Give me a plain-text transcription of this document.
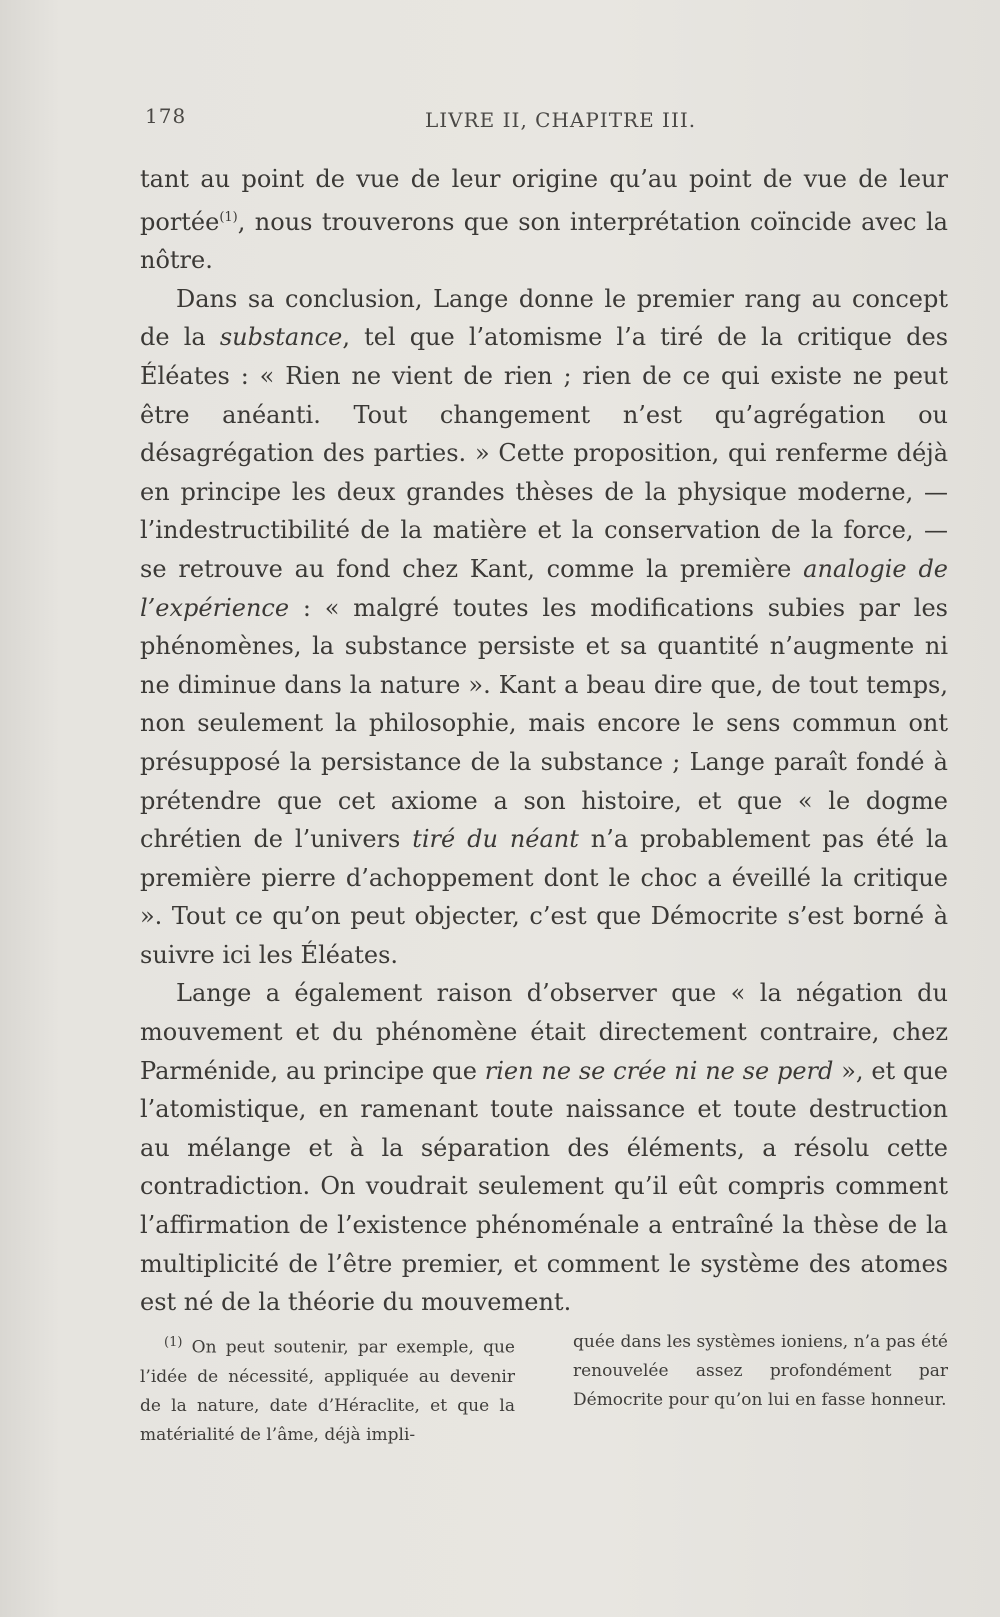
178	LIVRE II, CHAPITRE III.

tant au point de vue de leur origine qu’au point de vue de leur portée$^{(1)}$, nous trouverons que son interprétation coïncide avec la nôtre.

Dans sa conclusion, Lange donne le premier rang au concept de la substance, tel que l’atomisme l’a tiré de la critique des Éléates : « Rien ne vient de rien ; rien de ce qui existe ne peut être anéanti. Tout changement n’est qu’agrégation ou désagrégation des parties. » Cette proposition, qui renferme déjà en principe les deux grandes thèses de la physique moderne, — l’indestructibilité de la matière et la conservation de la force, — se retrouve au fond chez Kant, comme la première analogie de l’expérience : « malgré toutes les modifications subies par les phénomènes, la substance persiste et sa quantité n’augmente ni ne diminue dans la nature ». Kant a beau dire que, de tout temps, non seulement la philosophie, mais encore le sens commun ont présupposé la persistance de la substance ; Lange paraît fondé à prétendre que cet axiome a son histoire, et que « le dogme chrétien de l’univers tiré du néant n’a probablement pas été la première pierre d’achoppement dont le choc a éveillé la critique ». Tout ce qu’on peut objecter, c’est que Démocrite s’est borné à suivre ici les Éléates.

Lange a également raison d’observer que « la négation du mouvement et du phénomène était directement contraire, chez Parménide, au principe que rien ne se crée ni ne se perd », et que l’atomistique, en ramenant toute naissance et toute destruction au mélange et à la séparation des éléments, a résolu cette contradiction. On voudrait seulement qu’il eût compris comment l’affirmation de l’existence phénoménale a entraîné la thèse de la multiplicité de l’être premier, et comment le système des atomes est né de la théorie du mouvement.

$^{(1)}$ On peut soutenir, par exemple, que l’idée de nécessité, appliquée au devenir de la nature, date d’Héraclite, et que la matérialité de l’âme, déjà impli-
quée dans les systèmes ioniens, n’a pas été renouvelée assez profondément par Démocrite pour qu’on lui en fasse honneur.
